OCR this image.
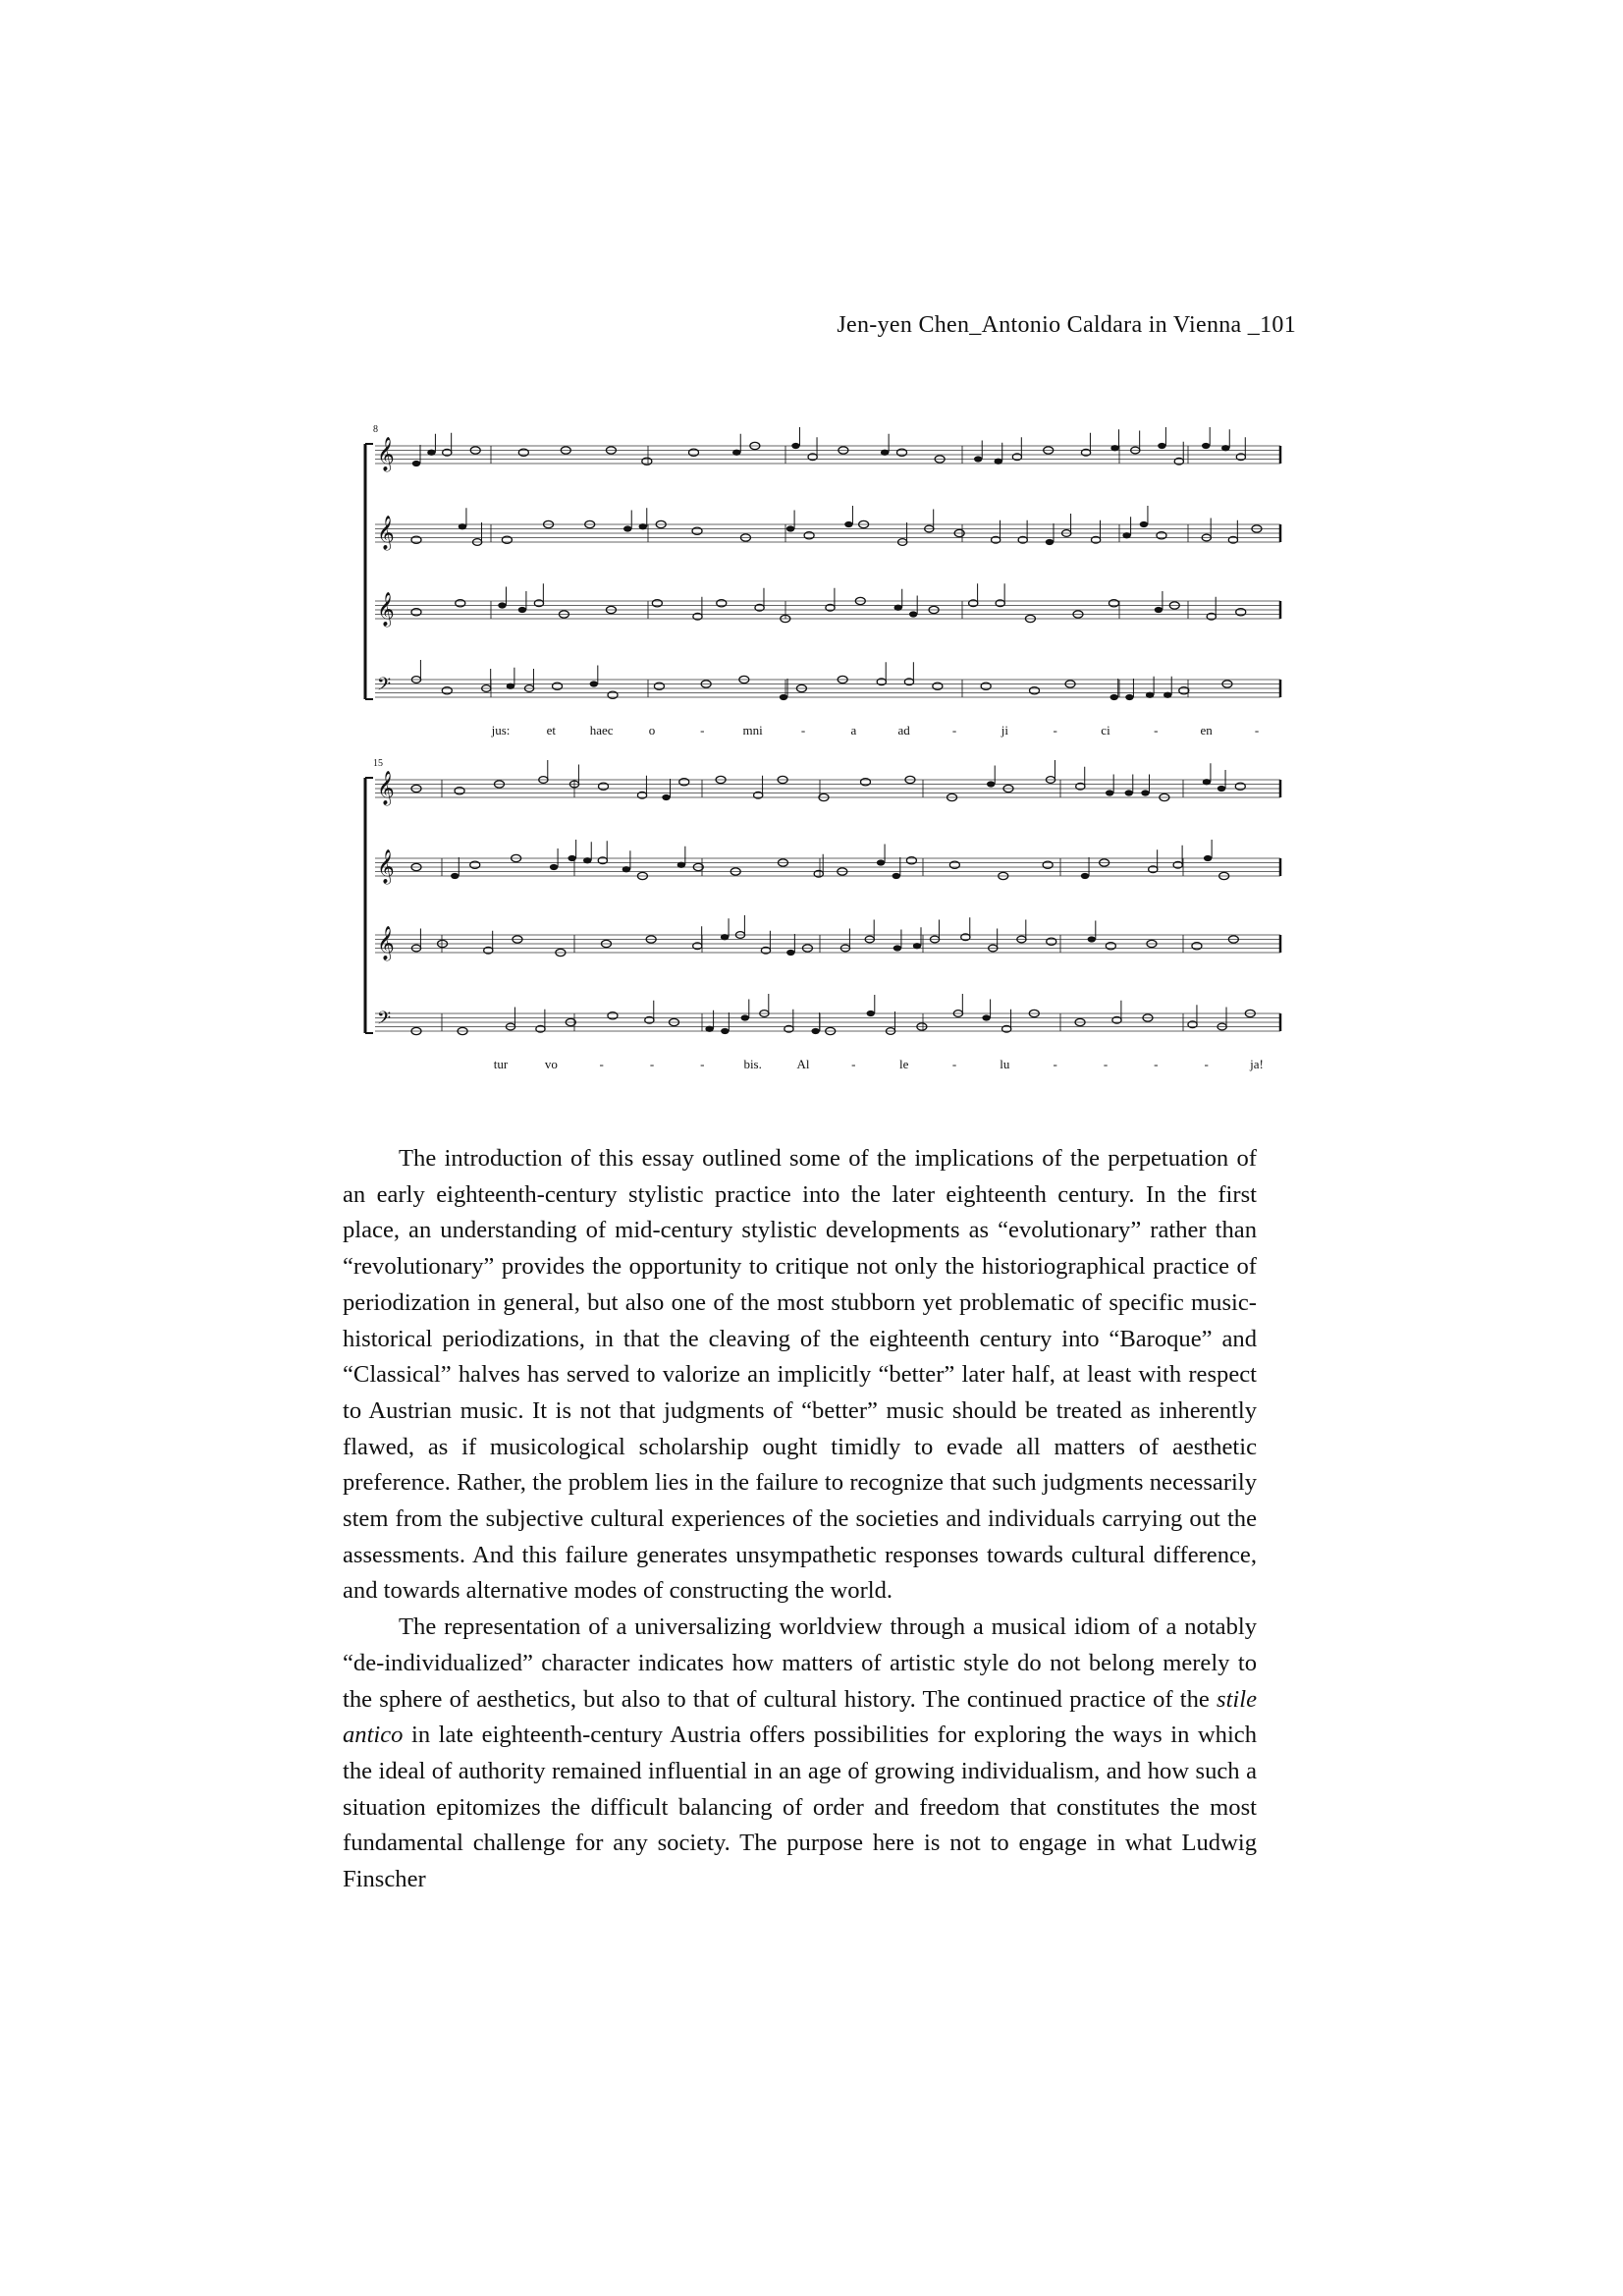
Jen-yen Chen_Antonio Caldara in Vienna _101
𝄞
𝄞
𝄞
𝄢
jus:	et	haec	o	-	mni	-	a	ad	-	ji	-	ci	-	en	-
8
𝄞
𝄞
𝄞
𝄢
tur	vo	-	-	-	bis.	Al	-	le	-	lu	-	-	-	-	ja!
15

The introduction of this essay outlined some of the implications of the perpetuation of an early eighteenth-century stylistic practice into the later eighteenth century. In the first place, an understanding of mid-century stylistic developments as “evolutionary” rather than “revolutionary” provides the opportunity to critique not only the historiographical practice of periodization in general, but also one of the most stubborn yet problematic of specific music-historical periodizations, in that the cleaving of the eighteenth century into “Baroque” and “Classical” halves has served to valorize an implicitly “better” later half, at least with respect to Austrian music. It is not that judgments of “better” music should be treated as inherently flawed, as if musicological scholarship ought timidly to evade all matters of aesthetic preference. Rather, the problem lies in the failure to recognize that such judgments necessarily stem from the subjective cultural experiences of the societies and individuals carrying out the assessments. And this failure generates unsympathetic responses towards cultural difference, and towards alternative modes of constructing the world.

The representation of a universalizing worldview through a musical idiom of a notably “de-individualized” character indicates how matters of artistic style do not belong merely to the sphere of aesthetics, but also to that of cultural history. The continued practice of the stile antico in late eighteenth-century Austria offers possibilities for exploring the ways in which the ideal of authority remained influential in an age of growing individualism, and how such a situation epitomizes the difficult balancing of order and freedom that constitutes the most fundamental challenge for any society. The purpose here is not to engage in what Ludwig Finscher
